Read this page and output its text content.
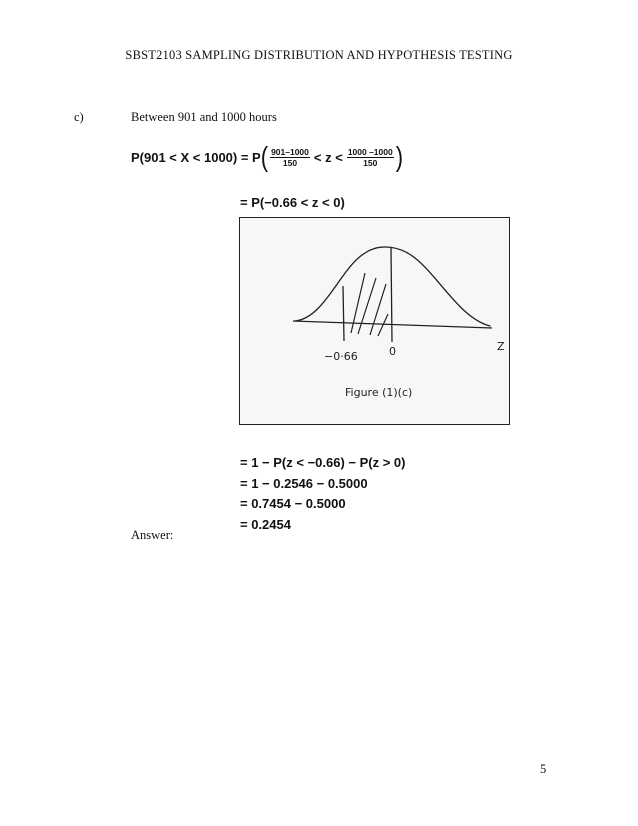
SBST2103 SAMPLING DISTRIBUTION AND HYPOTHESIS TESTING
c)	Between 901 and 1000 hours
P(901 < X < 1000) = P ( $\frac{901-1000}{150} < z < \frac{1000 -1000}{150}$ )
= P(−0.66 < z < 0)
−0·66	0	Z
Figure (1)(c)
= 1 − P(z < −0.66) − P(z > 0)
= 1 − 0.2546 − 0.5000
= 0.7454 − 0.5000
= 0.2454
Answer:
5
